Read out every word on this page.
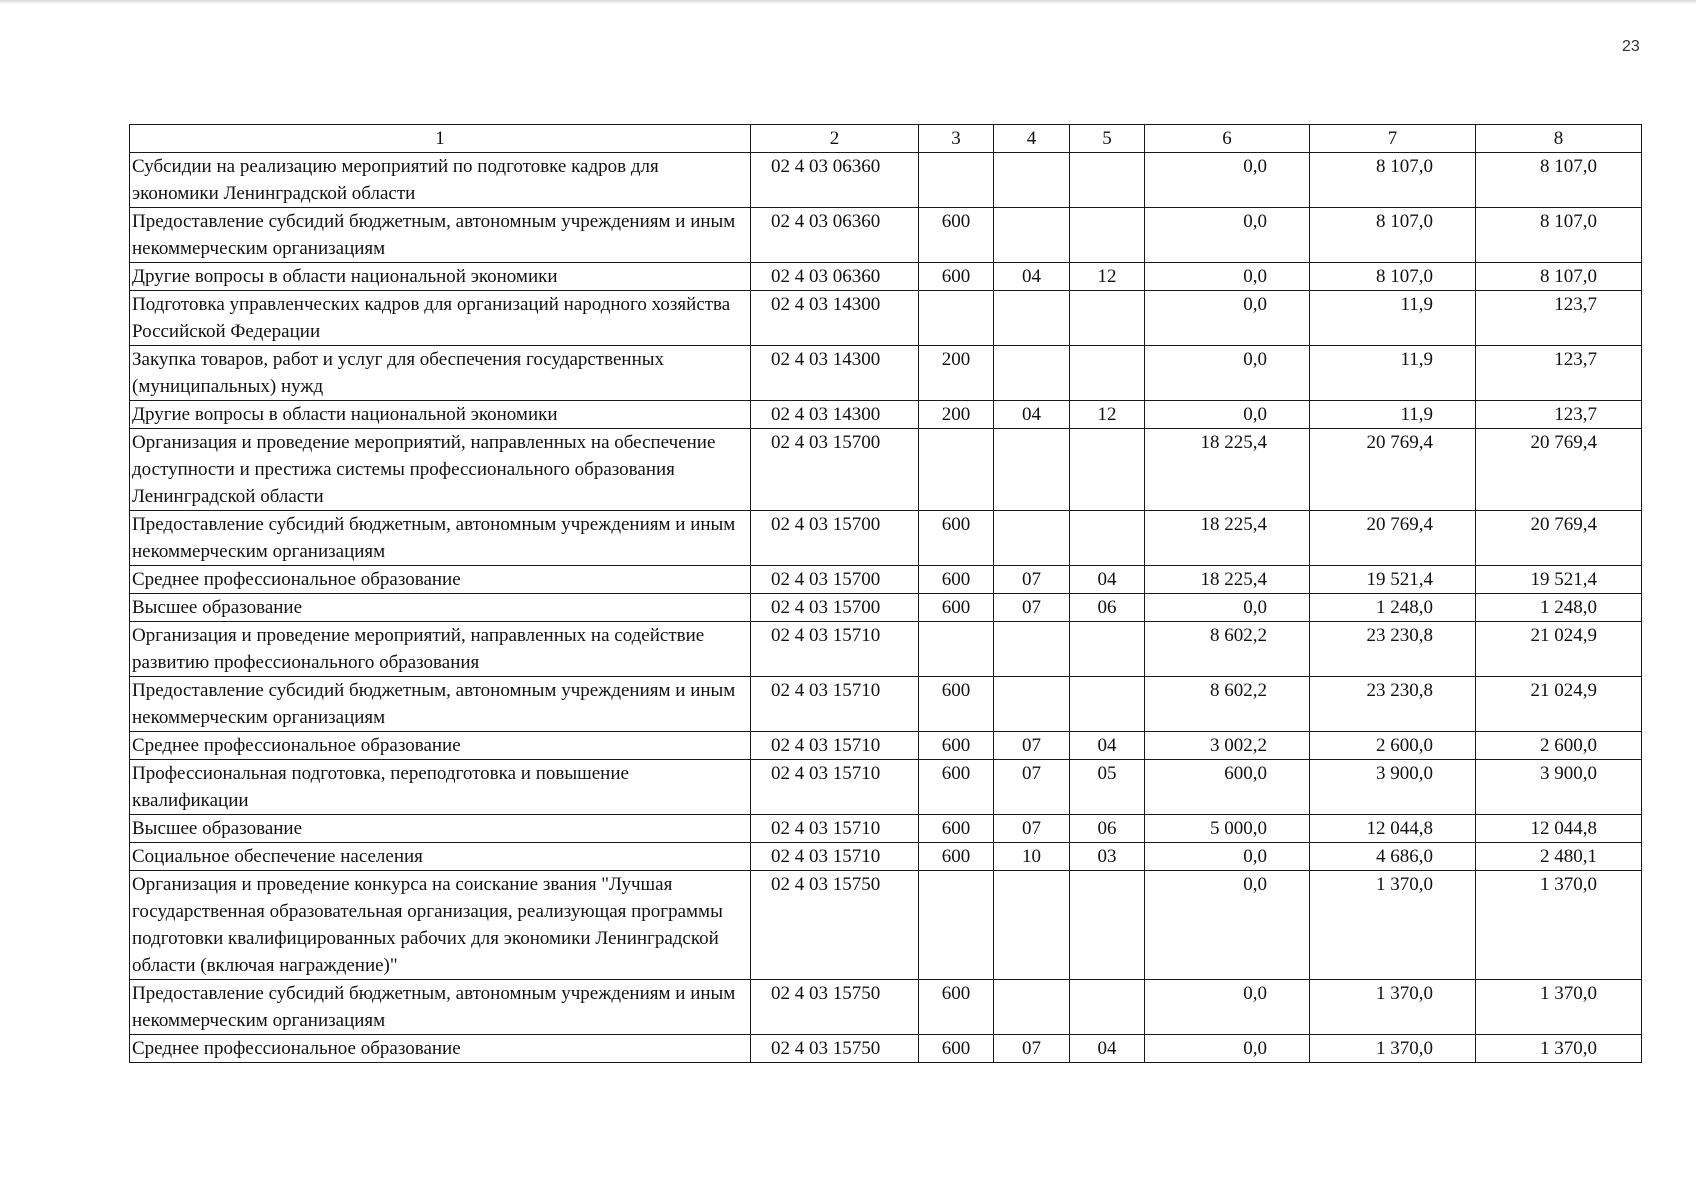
23
1	2	3	4	5	6	7	8
Субсидии на реализацию мероприятий по подготовке кадров для экономики Ленинградской области	02 4 03 06360				0,0	8 107,0	8 107,0
Предоставление субсидий бюджетным, автономным учреждениям и иным некоммерческим организациям	02 4 03 06360	600			0,0	8 107,0	8 107,0
Другие вопросы в области национальной экономики	02 4 03 06360	600	04	12	0,0	8 107,0	8 107,0
Подготовка управленческих кадров для организаций народного хозяйства Российской Федерации	02 4 03 14300				0,0	11,9	123,7
Закупка товаров, работ и услуг для обеспечения государственных (муниципальных) нужд	02 4 03 14300	200			0,0	11,9	123,7
Другие вопросы в области национальной экономики	02 4 03 14300	200	04	12	0,0	11,9	123,7
Организация и проведение мероприятий, направленных на обеспечение доступности и престижа системы профессионального образования Ленинградской области	02 4 03 15700				18 225,4	20 769,4	20 769,4
Предоставление субсидий бюджетным, автономным учреждениям и иным некоммерческим организациям	02 4 03 15700	600			18 225,4	20 769,4	20 769,4
Среднее профессиональное образование	02 4 03 15700	600	07	04	18 225,4	19 521,4	19 521,4
Высшее образование	02 4 03 15700	600	07	06	0,0	1 248,0	1 248,0
Организация и проведение мероприятий, направленных на содействие развитию профессионального образования	02 4 03 15710				8 602,2	23 230,8	21 024,9
Предоставление субсидий бюджетным, автономным учреждениям и иным некоммерческим организациям	02 4 03 15710	600			8 602,2	23 230,8	21 024,9
Среднее профессиональное образование	02 4 03 15710	600	07	04	3 002,2	2 600,0	2 600,0
Профессиональная подготовка, переподготовка и повышение квалификации	02 4 03 15710	600	07	05	600,0	3 900,0	3 900,0
Высшее образование	02 4 03 15710	600	07	06	5 000,0	12 044,8	12 044,8
Социальное обеспечение населения	02 4 03 15710	600	10	03	0,0	4 686,0	2 480,1
Организация и проведение конкурса на соискание звания "Лучшая государственная образовательная организация, реализующая программы подготовки квалифицированных рабочих для экономики Ленинградской области (включая награждение)"	02 4 03 15750				0,0	1 370,0	1 370,0
Предоставление субсидий бюджетным, автономным учреждениям и иным некоммерческим организациям	02 4 03 15750	600			0,0	1 370,0	1 370,0
Среднее профессиональное образование	02 4 03 15750	600	07	04	0,0	1 370,0	1 370,0
